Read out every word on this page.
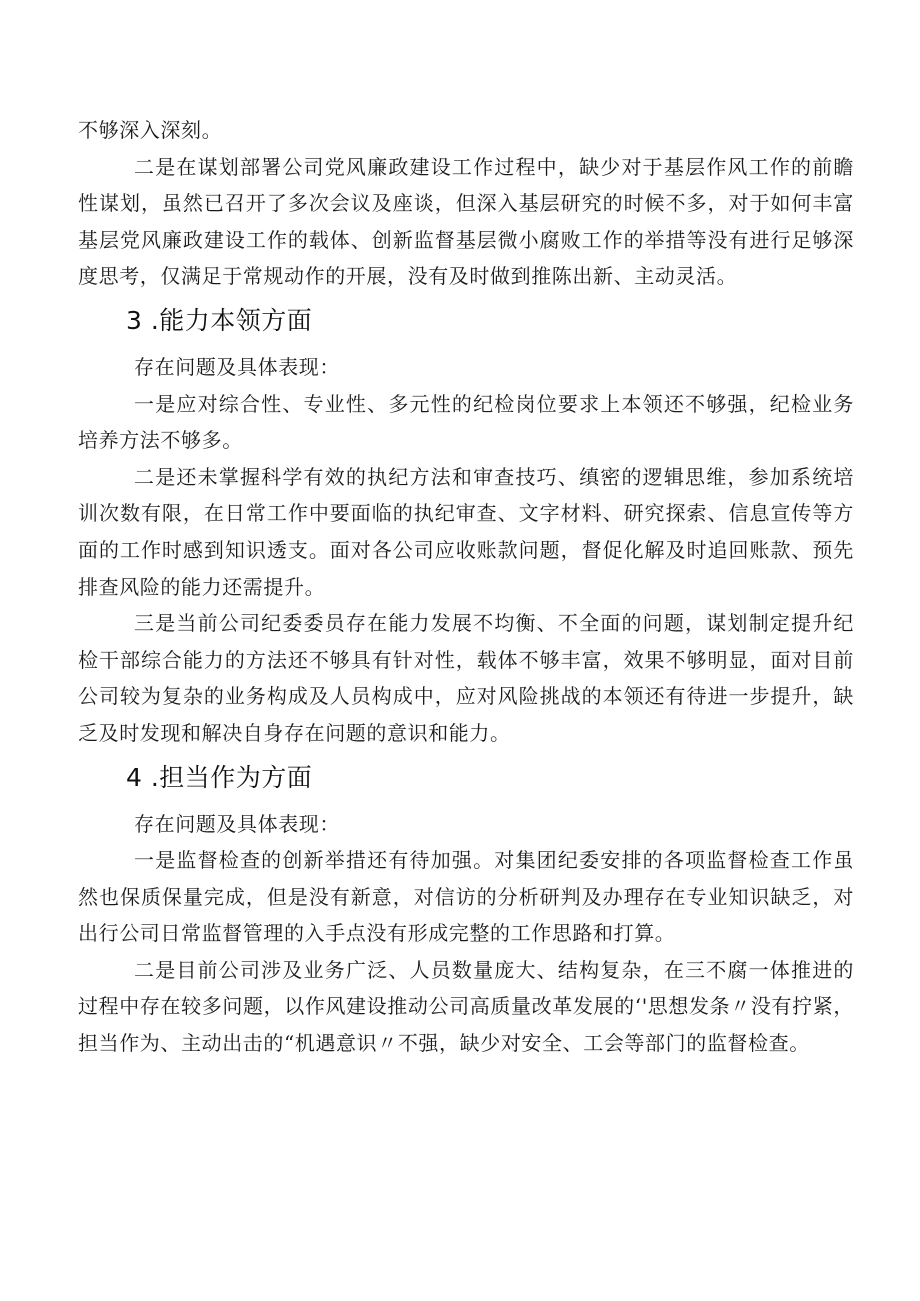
不够深入深刻。

二是在谋划部署公司党风廉政建设工作过程中，缺少对于基层作风工作的前瞻性谋划，虽然已召开了多次会议及座谈，但深入基层研究的时候不多，对于如何丰富基层党风廉政建设工作的载体、创新监督基层微小腐败工作的举措等没有进行足够深度思考，仅满足于常规动作的开展，没有及时做到推陈出新、主动灵活。

3 .能力本领方面

存在问题及具体表现：

一是应对综合性、专业性、多元性的纪检岗位要求上本领还不够强，纪检业务培养方法不够多。

二是还未掌握科学有效的执纪方法和审查技巧、缜密的逻辑思维，参加系统培训次数有限，在日常工作中要面临的执纪审查、文字材料、研究探索、信息宣传等方面的工作时感到知识透支。面对各公司应收账款问题，督促化解及时追回账款、预先排查风险的能力还需提升。

三是当前公司纪委委员存在能力发展不均衡、不全面的问题，谋划制定提升纪检干部综合能力的方法还不够具有针对性，载体不够丰富，效果不够明显，面对目前公司较为复杂的业务构成及人员构成中，应对风险挑战的本领还有待进一步提升，缺乏及时发现和解决自身存在问题的意识和能力。

4 .担当作为方面

存在问题及具体表现：

一是监督检查的创新举措还有待加强。对集团纪委安排的各项监督检查工作虽然也保质保量完成，但是没有新意，对信访的分析研判及办理存在专业知识缺乏，对出行公司日常监督管理的入手点没有形成完整的工作思路和打算。

二是目前公司涉及业务广泛、人员数量庞大、结构复杂，在三不腐一体推进的过程中存在较多问题，以作风建设推动公司高质量改革发展的‘'思想发条〃没有拧紧，担当作为、主动出击的“机遇意识〃不强，缺少对安全、工会等部门的监督检查。
